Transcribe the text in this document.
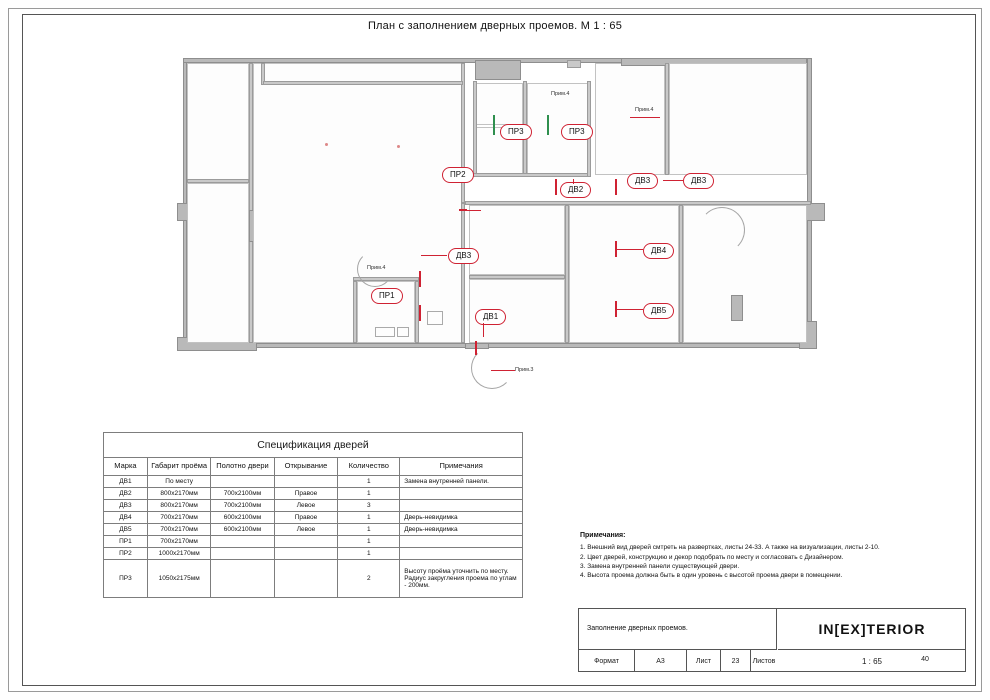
План с заполнением дверных проемов. М 1 : 65
ПР2
ПР3	ПР3
ДВ2
ДВ3	ДВ3
ДВ3
ДВ4
ДВ5
ДВ1
ПР1
Прим.4
Прим.4
Прим.4
Прим.3
Спецификация дверей
Марка	Габарит проёма	Полотно двери	Открывание	Количество	Примечания
ДВ1	По месту			1	Замена внутренней панели.
ДВ2	800х2170мм	700х2100мм	Правое	1	
ДВ3	800х2170мм	700х2100мм	Левое	3	
ДВ4	700х2170мм	600х2100мм	Правое	1	Дверь-невидимка
ДВ5	700х2170мм	600х2100мм	Левое	1	Дверь-невидимка
ПР1	700х2170мм			1	
ПР2	1000х2170мм			1	
ПР3	1050х2175мм			2	Высоту проёма уточнить по месту. Радиус закругления проема по углам - 200мм.
Примечания:
1. Внешний вид дверей смтреть на развертках, листы 24-33. А также на визуализации, листы 2-10.
2. Цвет дверей, конструкцию и декор подобрать по месту и согласовать с Дизайнером.
3. Замена внутренней панели существующей двери.
4. Высота проема должна быть в один уровень с высотой проема двери в помещении.
Заполнение дверных проемов.	IN[EX]TERIOR
1 : 65
Формат	А3	Лист	23	Листов	40
